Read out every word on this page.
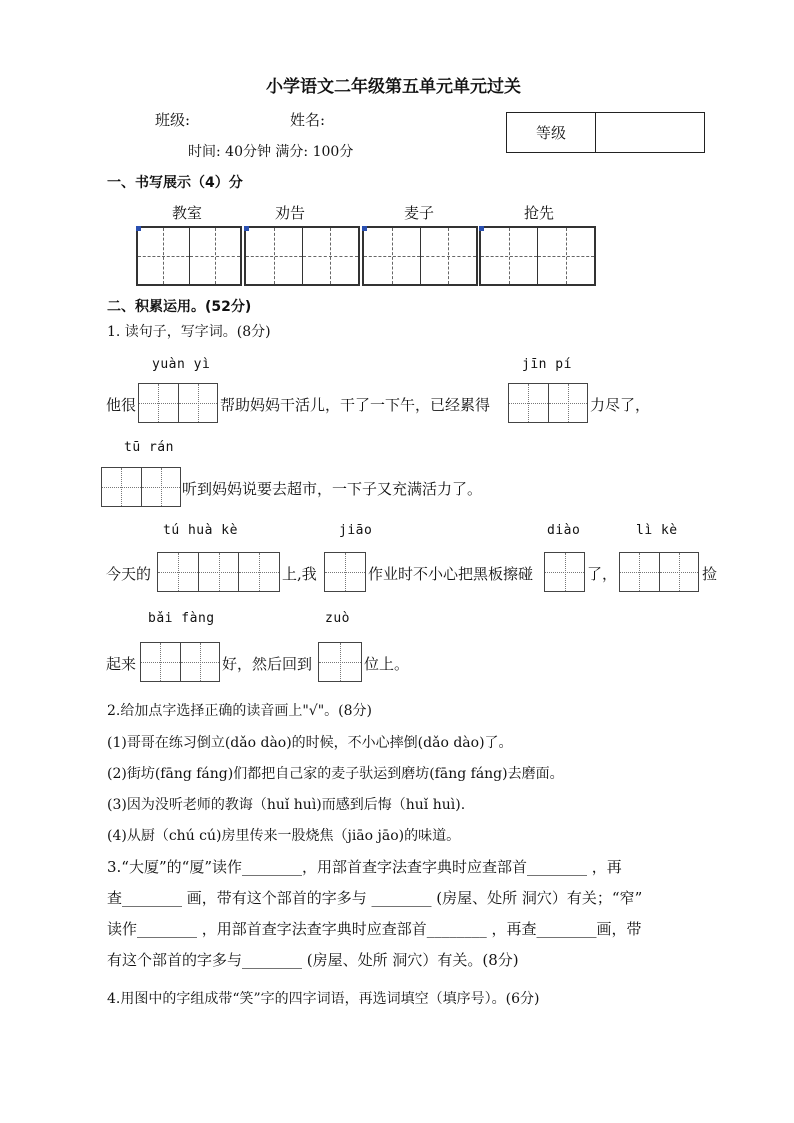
小学语文二年级第五单元单元过关
班级:	姓名:
时间: 40分钟 满分: 100分
等级
一、书写展示（4）分
教室	劝告	麦子	抢先
二、积累运用。(52分)
1. 读句子，写字词。(8分)
yuàn yì	jīn pí
他很	帮助妈妈干活儿，干了一下午，已经累得	力尽了，
tū rán
听到妈妈说要去超市，一下子又充满活力了。
tú huà kè	jiāo	diào	lì kè
今天的	上,我	作业时不小心把黑板擦碰	了，	捡
bǎi fàng	zuò
起来	好，然后回到	位上。
2.给加点字选择正确的读音画上"√"。(8分)
(1)哥哥在练习倒立(dǎo dào)的时候，不小心摔倒(dǎo dào)了。
(2)街坊(fāng fáng)们都把自己家的麦子驮运到磨坊(fāng fáng)去磨面。
(3)因为没听老师的教诲（huǐ huì)而感到后悔（huǐ huì).
(4)从厨（chú cú)房里传来一股烧焦（jiāo jāo)的味道。
3.“大厦”的“厦”读作________，用部首查字法查字典时应查部首________ ，再
查________ 画，带有这个部首的字多与 ________ (房屋、处所 洞穴）有关；“窄”
读作________ ，用部首查字法查字典时应查部首________ ，再查________画，带
有这个部首的字多与________ (房屋、处所 洞穴）有关。(8分)
4.用图中的字组成带“笑”字的四字词语，再选词填空（填序号）。(6分)
